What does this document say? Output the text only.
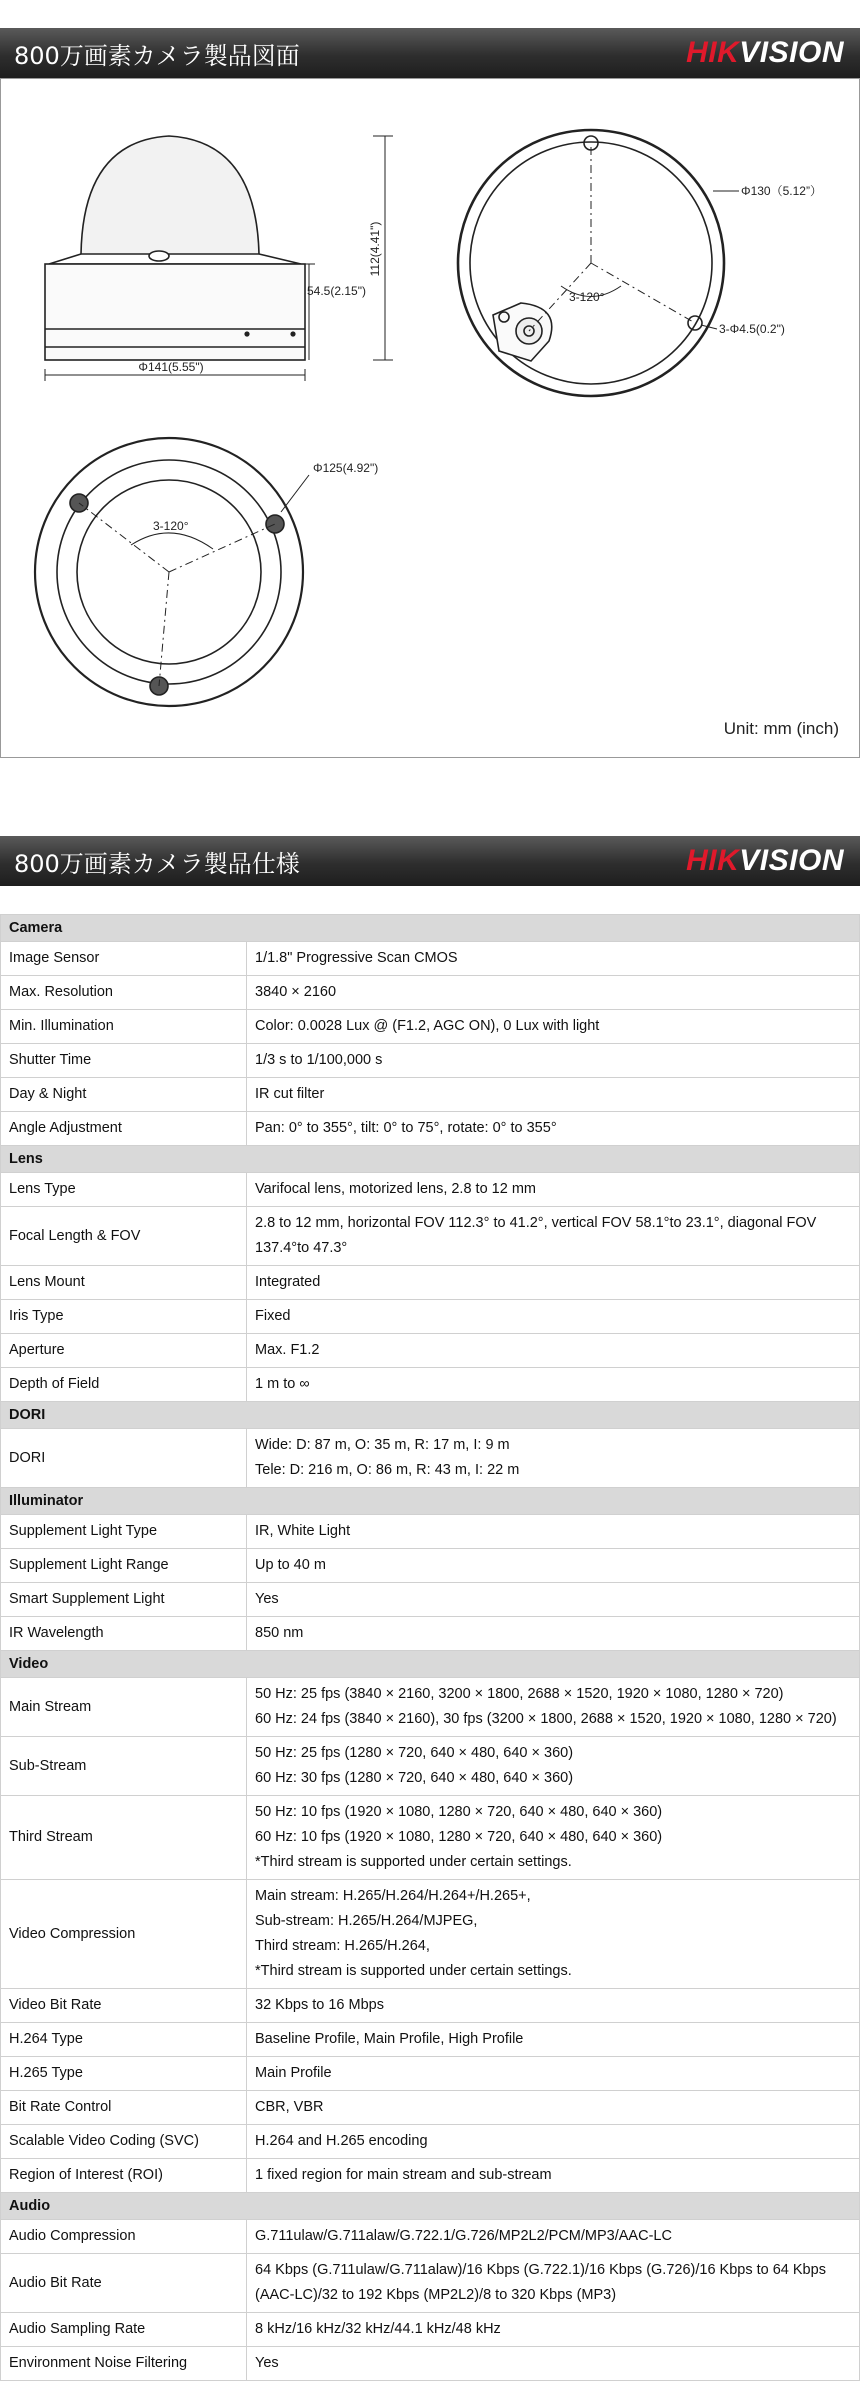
800万画素カメラ製品図面	HIKVISION
112(4.41")
54.5(2.15")
Φ141(5.55")
Φ130（5.12”）
3-120°
3-Φ4.5(0.2")
Φ125(4.92")
3-120°
Unit: mm (inch)
800万画素カメラ製品仕様	HIKVISION
Camera	
Image Sensor	1/1.8" Progressive Scan CMOS

Max. Resolution	3840 × 2160

Min. Illumination	Color: 0.0028 Lux @ (F1.2, AGC ON), 0 Lux with light

Shutter Time	1/3 s to 1/100,000 s

Day & Night	IR cut filter

Angle Adjustment	Pan: 0° to 355°, tilt: 0° to 75°, rotate: 0° to 355°

Lens	
Lens Type	Varifocal lens, motorized lens, 2.8 to 12 mm

Focal Length & FOV	2.8 to 12 mm, horizontal FOV 112.3° to 41.2°, vertical FOV 58.1°to 23.1°, diagonal FOV 137.4°to 47.3°

Lens Mount	Integrated

Iris Type	Fixed

Aperture	Max. F1.2

Depth of Field	1 m to ∞

DORI	
DORI	Wide: D: 87 m, O: 35 m, R: 17 m, I: 9 m
Tele: D: 216 m, O: 86 m, R: 43 m, I: 22 m

Illuminator	
Supplement Light Type	IR, White Light

Supplement Light Range	Up to 40 m

Smart Supplement Light	Yes

IR Wavelength	850 nm

Video	
Main Stream	50 Hz: 25 fps (3840 × 2160, 3200 × 1800, 2688 × 1520, 1920 × 1080, 1280 × 720)
60 Hz: 24 fps (3840 × 2160), 30 fps (3200 × 1800, 2688 × 1520, 1920 × 1080, 1280 × 720)

Sub-Stream	50 Hz: 25 fps (1280 × 720, 640 × 480, 640 × 360)
60 Hz: 30 fps (1280 × 720, 640 × 480, 640 × 360)

Third Stream	50 Hz: 10 fps (1920 × 1080, 1280 × 720, 640 × 480, 640 × 360)
60 Hz: 10 fps (1920 × 1080, 1280 × 720, 640 × 480, 640 × 360)
*Third stream is supported under certain settings.

Video Compression	Main stream: H.265/H.264/H.264+/H.265+,
Sub-stream: H.265/H.264/MJPEG,
Third stream: H.265/H.264,
*Third stream is supported under certain settings.

Video Bit Rate	32 Kbps to 16 Mbps

H.264 Type	Baseline Profile, Main Profile, High Profile

H.265 Type	Main Profile

Bit Rate Control	CBR, VBR

Scalable Video Coding (SVC)	H.264 and H.265 encoding

Region of Interest (ROI)	1 fixed region for main stream and sub-stream

Audio	
Audio Compression	G.711ulaw/G.711alaw/G.722.1/G.726/MP2L2/PCM/MP3/AAC-LC

Audio Bit Rate	64 Kbps (G.711ulaw/G.711alaw)/16 Kbps (G.722.1)/16 Kbps (G.726)/16 Kbps to 64 Kbps (AAC-LC)/32 to 192 Kbps (MP2L2)/8 to 320 Kbps (MP3)

Audio Sampling Rate	8 kHz/16 kHz/32 kHz/44.1 kHz/48 kHz

Environment Noise Filtering	Yes
